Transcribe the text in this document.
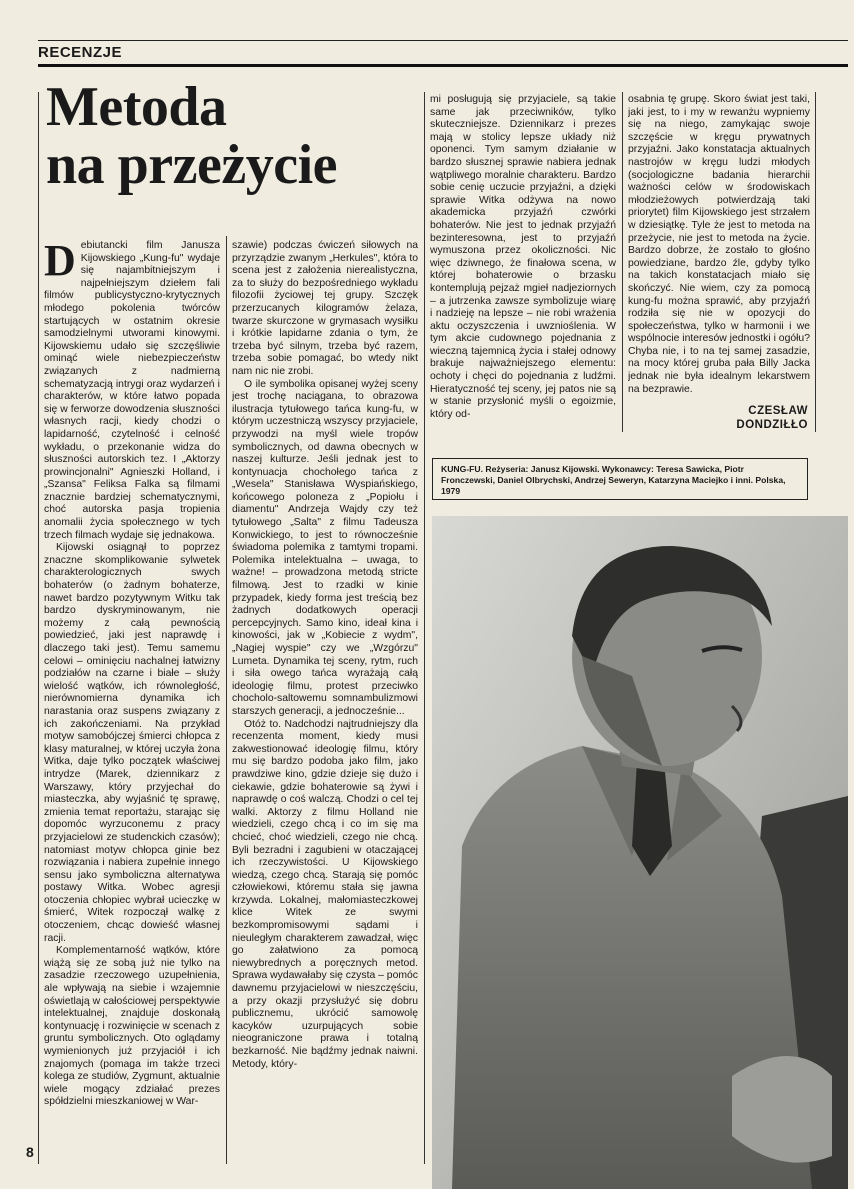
RECENZJE
Metoda
na przeżycie

Debiutancki film Janusza Kijowskiego „Kung-fu" wydaje się najambitniejszym i najpełniejszym dziełem fali filmów publicystyczno-krytycznych młodego pokolenia twórców startujących w ostatnim okresie samodzielnymi utworami kinowymi. Kijowskiemu udało się szczęśliwie ominąć wiele niebezpieczeństw związanych z nadmierną schematyzacją intrygi oraz wydarzeń i charakterów, w które łatwo popada się w ferworze dowodzenia słuszności własnych racji, kiedy chodzi o lapidarność, czytelność i celność wykładu, o przekonanie widza do słuszności autorskich tez. I „Aktorzy prowincjonalni" Agnieszki Holland, i „Szansa" Feliksa Falka są filmami znacznie bardziej schematycznymi, choć autorska pasja tropienia anomalii życia społecznego w tych trzech filmach wydaje się jednakowa.

Kijowski osiągnął to poprzez znaczne skomplikowanie sylwetek charakterologicznych swych bohaterów (o żadnym bohaterze, nawet bardzo pozytywnym Witku tak bardzo dyskryminowanym, nie możemy z całą pewnością powiedzieć, jaki jest naprawdę i dlaczego taki jest). Temu samemu celowi – ominięciu nachalnej łatwizny podziałów na czarne i białe – służy wielość wątków, ich równoległość, nierównomierna dynamika ich narastania oraz suspens związany z ich zakończeniami. Na przykład motyw samobójczej śmierci chłopca z klasy maturalnej, w której uczyła żona Witka, daje tylko początek właściwej intrydze (Marek, dziennikarz z Warszawy, który przyjechał do miasteczka, aby wyjaśnić tę sprawę, zmienia temat reportażu, starając się dopomóc wyrzuconemu z pracy przyjacielowi ze studenckich czasów); natomiast motyw chłopca ginie bez rozwiązania i nabiera zupełnie innego sensu jako symboliczna alternatywa postawy Witka. Wobec agresji otoczenia chłopiec wybrał ucieczkę w śmierć, Witek rozpoczął walkę z otoczeniem, chcąc dowieść własnej racji.

Komplementarność wątków, które wiążą się ze sobą już nie tylko na zasadzie rzeczowego uzupełnienia, ale wpływają na siebie i wzajemnie oświetlają w całościowej perspektywie intelektualnej, znajduje doskonałą kontynuację i rozwinięcie w scenach z gruntu symbolicznych. Oto oglądamy wymienionych już przyjaciół i ich znajomych (pomaga im także trzeci kolega ze studiów, Zygmunt, aktualnie wiele mogący zdziałać prezes spółdzielni mieszkaniowej w War-

szawie) podczas ćwiczeń siłowych na przyrządzie zwanym „Herkules", która to scena jest z założenia nierealistyczna, za to służy do bezpośredniego wykładu filozofii życiowej tej grupy. Szczęk przerzucanych kilogramów żelaza, twarze skurczone w grymasach wysiłku i krótkie lapidarne zdania o tym, że trzeba być silnym, trzeba być razem, trzeba sobie pomagać, bo wtedy nikt nam nic nie zrobi.

O ile symbolika opisanej wyżej sceny jest trochę naciągana, to obrazowa ilustracja tytułowego tańca kung-fu, w którym uczestniczą wszyscy przyjaciele, przywodzi na myśl wiele tropów symbolicznych, od dawna obecnych w naszej kulturze. Jeśli jednak jest to kontynuacja chochołego tańca z „Wesela" Stanisława Wyspiańskiego, końcowego poloneza z „Popiołu i diamentu" Andrzeja Wajdy czy też tytułowego „Salta" z filmu Tadeusza Konwickiego, to jest to równocześnie świadoma polemika z tamtymi tropami. Polemika intelektualna – uwaga, to ważne! – prowadzona metodą stricte filmową. Jest to rzadki w kinie przypadek, kiedy forma jest treścią bez żadnych dodatkowych operacji percepcyjnych. Samo kino, ideał kina i kinowości, jak w „Kobiecie z wydm", „Nagiej wyspie" czy we „Wzgórzu" Lumeta. Dynamika tej sceny, rytm, ruch i siła owego tańca wyrażają całą ideologię filmu, protest przeciwko chocholo-saltowemu somnambulizmowi starszych generacji, a jednocześnie...

Otóż to. Nadchodzi najtrudniejszy dla recenzenta moment, kiedy musi zakwestionować ideologię filmu, który mu się bardzo podoba jako film, jako prawdziwe kino, gdzie dzieje się dużo i ciekawie, gdzie bohaterowie są żywi i naprawdę o coś walczą. Chodzi o cel tej walki. Aktorzy z filmu Holland nie wiedzieli, czego chcą i co im się ma chcieć, choć wiedzieli, czego nie chcą. Byli bezradni i zagubieni w otaczającej ich rzeczywistości. U Kijowskiego wiedzą, czego chcą. Starają się pomóc człowiekowi, któremu stała się jawna krzywda. Lokalnej, małomiasteczkowej klice Witek ze swymi bezkompromisowymi sądami i nieuległym charakterem zawadzał, więc go załatwiono za pomocą niewybrednych a poręcznych metod. Sprawa wydawałaby się czysta – pomóc dawnemu przyjacielowi w nieszczęściu, a przy okazji przysłużyć się dobru publicznemu, ukrócić samowolę kacyków uzurpujących sobie nieograniczone prawa i totalną bezkarność. Nie bądźmy jednak naiwni. Metody, który-

mi posługują się przyjaciele, są takie same jak przeciwników, tylko skuteczniejsze. Dziennikarz i prezes mają w stolicy lepsze układy niż oponenci. Tym samym działanie w bardzo słusznej sprawie nabiera jednak wątpliwego moralnie charakteru. Bardzo sobie cenię uczucie przyjaźni, a dzięki sprawie Witka odżywa na nowo akademicka przyjaźń czwórki bohaterów. Nie jest to jednak przyjaźń bezinteresowna, jest to przyjaźń wymuszona przez okoliczności. Nic więc dziwnego, że finałowa scena, w której bohaterowie o brzasku kontemplują pejzaż mgieł nadjeziornych – a jutrzenka zawsze symbolizuje wiarę i nadzieję na lepsze – nie robi wrażenia aktu oczyszczenia i uwznioślenia. W tym akcie cudownego pojednania z wieczną tajemnicą życia i stałej odnowy brakuje najważniejszego elementu: ochoty i chęci do pojednania z ludźmi. Hieratyczność tej sceny, jej patos nie są w stanie przysłonić myśli o egoizmie, który od-

osabnia tę grupę. Skoro świat jest taki, jaki jest, to i my w rewanżu wypniemy się na niego, zamykając swoje szczęście w kręgu prywatnych przyjaźni. Jako konstatacja aktualnych nastrojów w kręgu ludzi młodych (socjologiczne badania hierarchii ważności celów w środowiskach młodzieżowych potwierdzają taki priorytet) film Kijowskiego jest strzałem w dziesiątkę. Tyle że jest to metoda na przeżycie, nie jest to metoda na życie. Bardzo dobrze, że zostało to głośno powiedziane, bardzo źle, gdyby tylko na takich konstatacjach miało się skończyć. Nie wiem, czy za pomocą kung-fu można sprawić, aby przyjaźń rodziła się nie w opozycji do społeczeństwa, tylko w harmonii i we wspólnocie interesów jednostki i ogółu? Chyba nie, i to na tej samej zasadzie, na mocy której gruba pała Billy Jacka jednak nie była idealnym lekarstwem na bezprawie.

CZESŁAW
DONDZIŁŁO
KUNG-FU. Reżyseria: Janusz Kijowski. Wykonawcy: Teresa Sawicka, Piotr Fronczewski, Daniel Olbrychski, Andrzej Seweryn, Katarzyna Maciejko i inni. Polska, 1979
8
